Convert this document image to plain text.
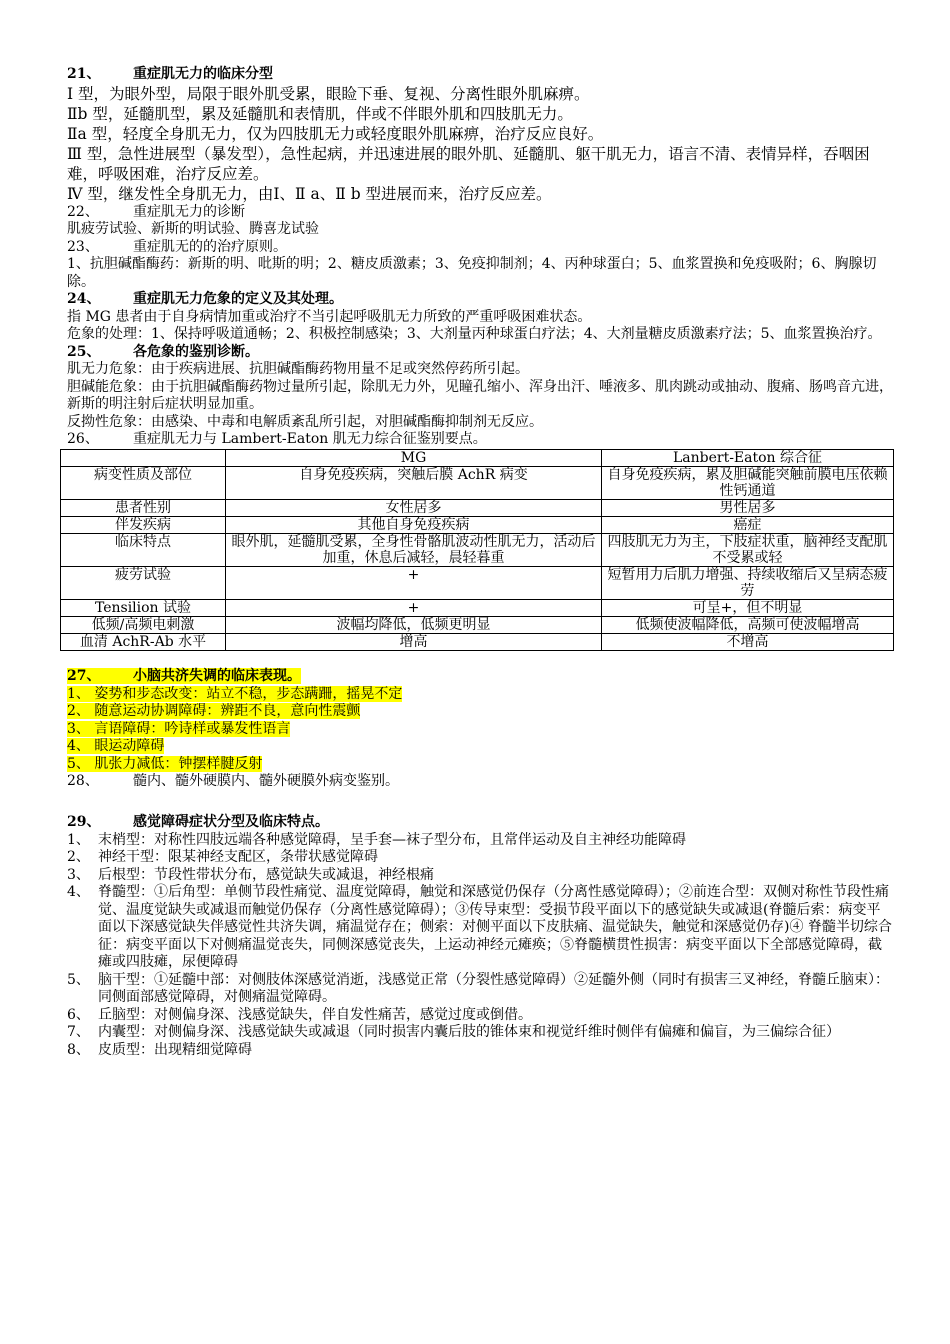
21、 重症肌无力的临床分型
Ⅰ 型，为眼外型，局限于眼外肌受累，眼睑下垂、复视、分离性眼外肌麻痹。
Ⅱb 型，延髓肌型，累及延髓肌和表情肌，伴或不伴眼外肌和四肢肌无力。
Ⅱa 型，轻度全身肌无力，仅为四肢肌无力或轻度眼外肌麻痹，治疗反应良好。
Ⅲ 型，急性进展型（暴发型），急性起病，并迅速进展的眼外肌、延髓肌、躯干肌无力，语言不清、表情异样，吞咽困难，呼吸困难，治疗反应差。
Ⅳ 型，继发性全身肌无力，由Ⅰ、Ⅱ a、Ⅱ b 型进展而来，治疗反应差。
22、 重症肌无力的诊断
肌疲劳试验、新斯的明试验、腾喜龙试验
23、 重症肌无的的治疗原则。
1、抗胆碱酯酶药：新斯的明、吡斯的明；2、糖皮质激素；3、免疫抑制剂；4、丙种球蛋白；5、血浆置换和免疫吸附；6、胸腺切除。
24、 重症肌无力危象的定义及其处理。
指 MG 患者由于自身病情加重或治疗不当引起呼吸肌无力所致的严重呼吸困难状态。
危象的处理：1、保持呼吸道通畅；2、积极控制感染；3、大剂量丙种球蛋白疗法；4、大剂量糖皮质激素疗法；5、血浆置换治疗。
25、 各危象的鉴别诊断。
肌无力危象：由于疾病进展、抗胆碱酯酶药物用量不足或突然停药所引起。
胆碱能危象：由于抗胆碱酯酶药物过量所引起，除肌无力外，见瞳孔缩小、浑身出汗、唾液多、肌肉跳动或抽动、腹痛、肠鸣音亢进，新斯的明注射后症状明显加重。
反拗性危象：由感染、中毒和电解质紊乱所引起，对胆碱酯酶抑制剂无反应。
26、 重症肌无力与 Lambert-Eaton 肌无力综合征鉴别要点。
	MG	Lanbert-Eaton 综合征
病变性质及部位	自身免疫疾病，突触后膜 AchR 病变	自身免疫疾病，累及胆碱能突触前膜电压依赖性钙通道
患者性别	女性居多	男性居多
伴发疾病	其他自身免疫疾病	癌症
临床特点	眼外肌，延髓肌受累，全身性骨骼肌波动性肌无力，活动后加重，休息后减轻，晨轻暮重	四肢肌无力为主，下肢症状重，脑神经支配肌不受累或轻
疲劳试验	+	短暂用力后肌力增强、持续收缩后又呈病态疲劳
Tensilion 试验	+	可呈+，但不明显
低频/高频电刺激	波幅均降低，低频更明显	低频使波幅降低，高频可使波幅增高
血清 AchR-Ab 水平	增高	不增高
27、 小脑共济失调的临床表现。
1、 姿势和步态改变：站立不稳，步态蹒跚，摇晃不定
2、 随意运动协调障碍：辨距不良，意向性震颤
3、 言语障碍：吟诗样或暴发性语言
4、 眼运动障碍
5、 肌张力减低：钟摆样腱反射
28、 髓内、髓外硬膜内、髓外硬膜外病变鉴别。
29、 感觉障碍症状分型及临床特点。
1、 末梢型：对称性四肢远端各种感觉障碍，呈手套—袜子型分布，且常伴运动及自主神经功能障碍
2、 神经干型：限某神经支配区，条带状感觉障碍
3、 后根型：节段性带状分布，感觉缺失或减退，神经根痛
4、 脊髓型：①后角型：单侧节段性痛觉、温度觉障碍，触觉和深感觉仍保存（分离性感觉障碍）；②前连合型：双侧对称性节段性痛觉、温度觉缺失或减退而触觉仍保存（分离性感觉障碍）；③传导束型：受损节段平面以下的感觉缺失或减退(脊髓后索：病变平面以下深感觉缺失伴感觉性共济失调，痛温觉存在；侧索：对侧平面以下皮肤痛、温觉缺失，触觉和深感觉仍存)④ 脊髓半切综合征：病变平面以下对侧痛温觉丧失，同侧深感觉丧失，上运动神经元瘫痪；⑤脊髓横贯性损害：病变平面以下全部感觉障碍，截瘫或四肢瘫，尿便障碍
5、 脑干型：①延髓中部：对侧肢体深感觉消逝，浅感觉正常（分裂性感觉障碍）②延髓外侧（同时有损害三叉神经，脊髓丘脑束）：同侧面部感觉障碍，对侧痛温觉障碍。
6、 丘脑型：对侧偏身深、浅感觉缺失，伴自发性痛苦，感觉过度或倒借。
7、 内囊型：对侧偏身深、浅感觉缺失或减退（同时损害内囊后肢的锥体束和视觉纤维时侧伴有偏瘫和偏盲，为三偏综合征）
8、 皮质型：出现精细觉障碍
